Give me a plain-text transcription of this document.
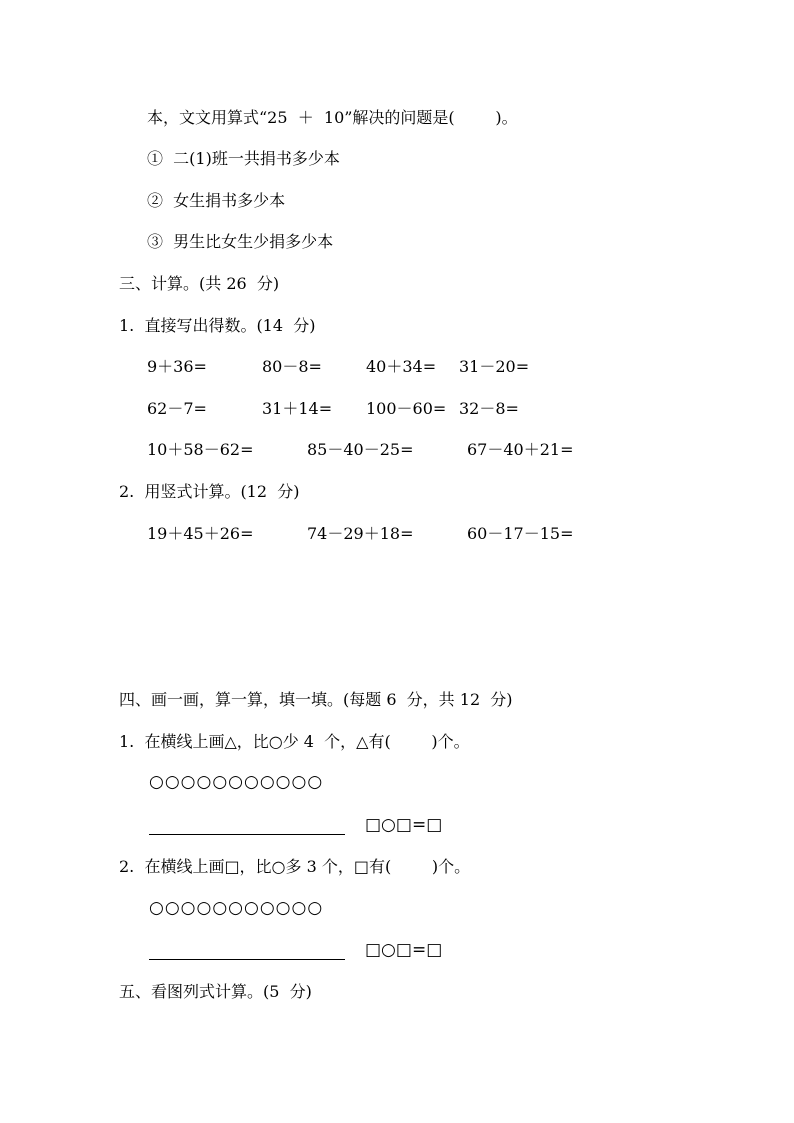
本，文文用算式“25  ＋  10”解决的问题是(        )。
①  二(1)班一共捐书多少本
②  女生捐书多少本
③  男生比女生少捐多少本
三、计算。(共 26  分)
1.  直接写出得数。(14  分)
9＋36=	80－8=	40＋34= 31－20=
62－7=	31＋14= 100－60= 32－8=
10＋58－62=	85－40－25=	67－40＋21=
2.  用竖式计算。(12  分)
19＋45＋26=	74－29＋18=	60－17－15=
四、画一画，算一算，填一填。(每题 6  分，共 12  分)
1.  在横线上画△，比○少 4  个，△有(        )个。
○○○○○○○○○○○
□○□=□
2.  在横线上画□，比○多 3 个，□有(        )个。
○○○○○○○○○○○
□○□=□
五、看图列式计算。(5  分)
